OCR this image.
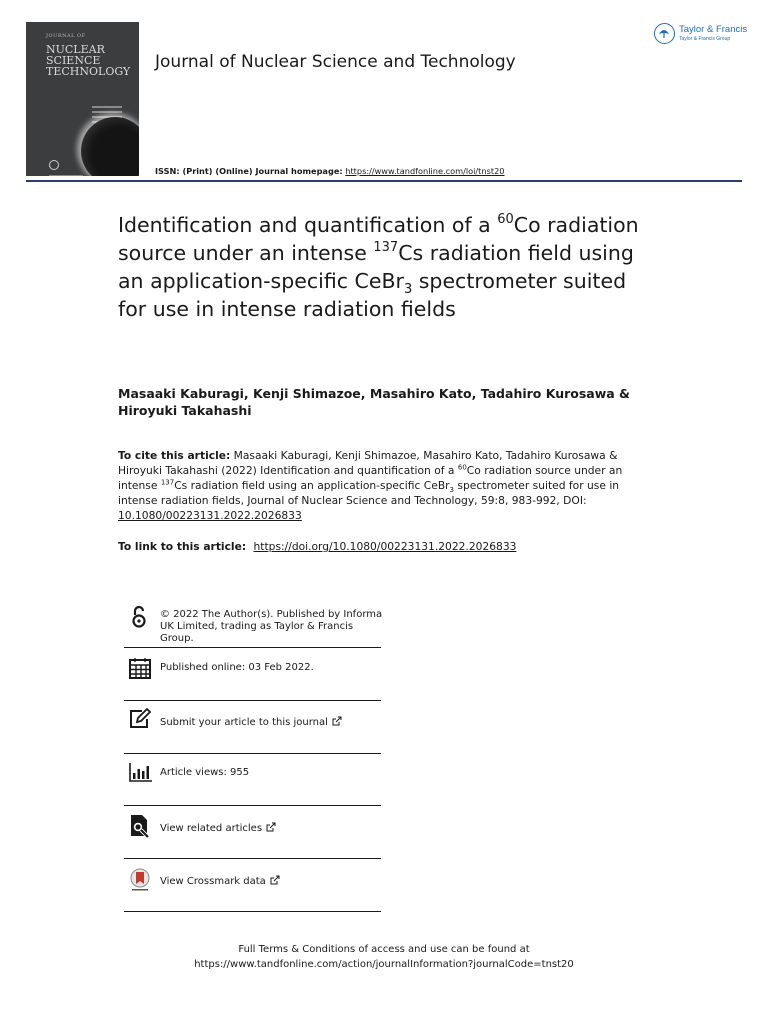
JOURNAL OF
NUCLEAR
SCIENCE
TECHNOLOGY Journal of Nuclear Science and Technology
Taylor & Francis
Taylor & Francis Group
ISSN: (Print) (Online) Journal homepage: https://www.tandfonline.com/loi/tnst20
Identification and quantification of a $^{60}$Co radiation source under an intense $^{137}$Cs radiation field using an application-specific CeBr$_3$ spectrometer suited for use in intense radiation fields
Masaaki Kaburagi, Kenji Shimazoe, Masahiro Kato, Tadahiro Kurosawa & Hiroyuki Takahashi
To cite this article: Masaaki Kaburagi, Kenji Shimazoe, Masahiro Kato, Tadahiro Kurosawa & Hiroyuki Takahashi (2022) Identification and quantification of a $^{60}$Co radiation source under an intense $^{137}$Cs radiation field using an application-specific CeBr$_3$ spectrometer suited for use in intense radiation fields, Journal of Nuclear Science and Technology, 59:8, 983-992, DOI: 10.1080/00223131.2022.2026833
To link to this article: https://doi.org/10.1080/00223131.2022.2026833
© 2022 The Author(s). Published by Informa
UK Limited, trading as Taylor & Francis
Group.
Published online: 03 Feb 2022.
Submit your article to this journal
Article views: 955
View related articles
View Crossmark data
Full Terms & Conditions of access and use can be found at
https://www.tandfonline.com/action/journalInformation?journalCode=tnst20
